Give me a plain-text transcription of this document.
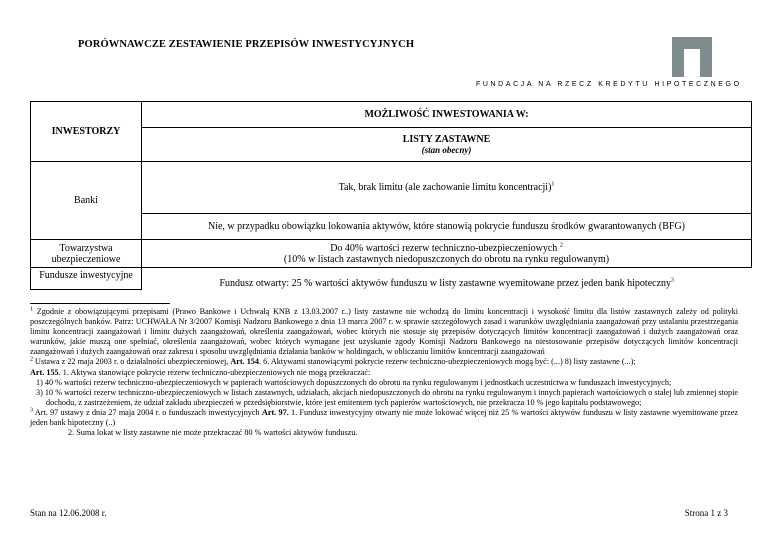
PORÓWNAWCZE ZESTAWIENIE PRZEPISÓW INWESTYCYJNYCH
FUNDACJA NA RZECZ KREDYTU HIPOTECZNEGO
INWESTORZY	MOŻLIWOŚĆ INWESTOWANIA W:

	LISTY ZASTAWNE
(stan obecny)

Banki	Tak, brak limitu (ale zachowanie limitu koncentracji)$^1$
	Nie, w przypadku obowiązku lokowania aktywów, które stanowią pokrycie funduszu środków gwarantowanych (BFG)
Towarzystwa ubezpieczeniowe	Do 40% wartości rezerw techniczno-ubezpieczeniowych $^2$
(10% w listach zastawnych niedopuszczonych do obrotu na rynku regulowanym)

Fundusze inwestycyjne	Fundusz otwarty: 25 % wartości aktywów funduszu w listy zastawne wyemitowane przez jeden bank hipoteczny$^3$

$^1$ Zgodnie z obowiązującymi przepisami (Prawo Bankowe i Uchwałą KNB z 13.03.2007 r..) listy zastawne nie wchodzą do limitu koncentracji i wysokość limitu dla listów zastawnych zależy od polityki poszczególnych banków. Patrz: UCHWAŁA Nr 3/2007 Komisji Nadzoru Bankowego z dnia 13 marca 2007 r. w sprawie szczegółowych zasad i warunków uwzględniania zaangażowań przy ustalaniu przestrzegania limitu koncentracji zaangażowań i limitu dużych zaangażowań, określenia zaangażowań, wobec których nie stosuje się przepisów dotyczących limitów koncentracji zaangażowań i dużych zaangażowań oraz warunków, jakie muszą one spełniać, określenia zaangażowań, wobec których wymagane jest uzyskanie zgody Komisji Nadzoru Bankowego na niestosowanie przepisów dotyczących limitów koncentracji zaangażowań i dużych zaangażowań oraz zakresu i sposobu uwzględniania działania banków w holdingach, w obliczaniu limitów koncentracji zaangażowań

$^2$ Ustawa z 22 maja 2003 r. o działalności ubezpieczeniowej, Art. 154. 6. Aktywami stanowiącymi pokrycie rezerw techniczno-ubezpieczeniowych mogą być: (...) 8) listy zastawne (...);
Art. 155. 1. Aktywa stanowiące pokrycie rezerw techniczno-ubezpieczeniowych nie mogą przekraczać:

1) 40 % wartości rezerw techniczno-ubezpieczeniowych w papierach wartościowych dopuszczonych do obrotu na rynku regulowanym i jednostkach uczestnictwa w funduszach inwestycyjnych;

3) 10 % wartości rezerw techniczno-ubezpieczeniowych w listach zastawnych, udziałach, akcjach niedopuszczonych do obrotu na rynku regulowanym i innych papierach wartościowych o stałej lub zmiennej stopie dochodu, z zastrzeżeniem, że udział zakładu ubezpieczeń w przedsiębiorstwie, które jest emitentem tych papierów wartościowych, nie przekracza 10 % jego kapitału podstawowego;

$^3$ Art. 97 ustawy z dnia 27 maja 2004 r. o funduszach inwestycyjnych Art. 97. 1. Fundusz inwestycyjny otwarty nie może lokować więcej niż 25 % wartości aktywów funduszu w listy zastawne wyemitowane przez jeden bank hipoteczny (..)

2. Suma lokat w listy zastawne nie może przekraczać 80 % wartości aktywów funduszu.

Stan na 12.06.2008 r.	Strona 1 z 3
